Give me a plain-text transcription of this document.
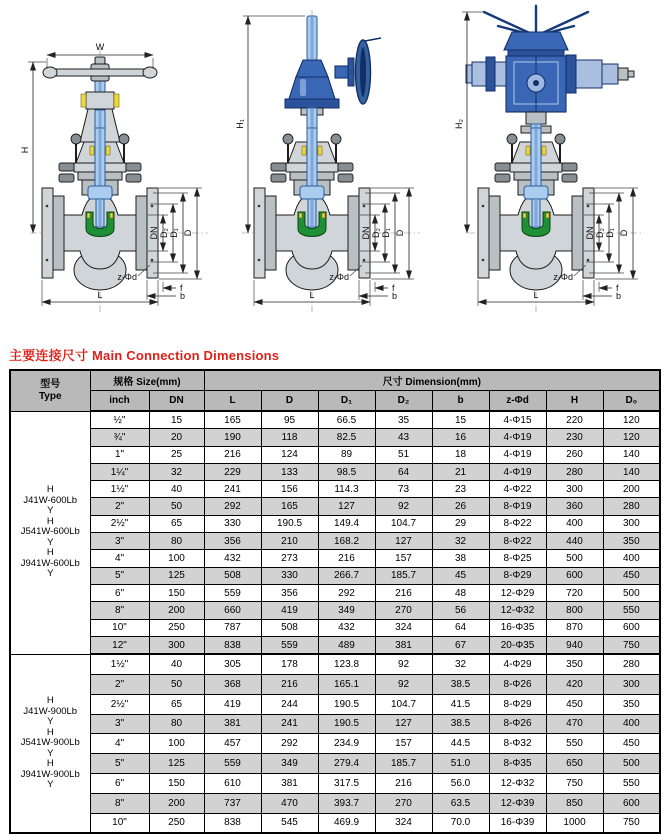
W
H
DN D₂ D₁ D
z-Φd
f
b
L
H₁
DN D₂ D₁ D
z-Φd
f
b
L
H₂
DN D₂ D₁ D
z-Φd
f
b
L
主要连接尺寸 Main Connection Dimensions
型号
Type	规格 Size(mm)		尺寸 Dimension(mm)							
	inch	DN	L	D	D₁	D₂	b	z-Φd	H	D₀

H
J41W-600Lb
Y
H
J541W-600Lb
Y
H
J941W-600Lb
Y
	½"	15	165	95	66.5	35	15	4-Φ15	220	120
	¾"	20	190	118	82.5	43	16	4-Φ19	230	120
	1"	25	216	124	89	51	18	4-Φ19	260	140
	1¼"	32	229	133	98.5	64	21	4-Φ19	280	140
	1½"	40	241	156	114.3	73	23	4-Φ22	300	200
	2"	50	292	165	127	92	26	8-Φ19	360	280
	2½"	65	330	190.5	149.4	104.7	29	8-Φ22	400	300
	3"	80	356	210	168.2	127	32	8-Φ22	440	350
	4"	100	432	273	216	157	38	8-Φ25	500	400
	5"	125	508	330	266.7	185.7	45	8-Φ29	600	450
	6"	150	559	356	292	216	48	12-Φ29	720	500
	8"	200	660	419	349	270	56	12-Φ32	800	550
	10"	250	787	508	432	324	64	16-Φ35	870	600
	12"	300	838	559	489	381	67	20-Φ35	940	750

H
J41W-900Lb
Y
H
J541W-900Lb
Y
H
J941W-900Lb
Y
	1½"	40	305	178	123.8	92	32	4-Φ29	350	280
	2"	50	368	216	165.1	92	38.5	8-Φ26	420	300
	2½"	65	419	244	190.5	104.7	41.5	8-Φ29	450	350
	3"	80	381	241	190.5	127	38.5	8-Φ26	470	400
	4"	100	457	292	234.9	157	44.5	8-Φ32	550	450
	5"	125	559	349	279.4	185.7	51.0	8-Φ35	650	500
	6"	150	610	381	317.5	216	56.0	12-Φ32	750	550
	8"	200	737	470	393.7	270	63.5	12-Φ39	850	600
	10"	250	838	545	469.9	324	70.0	16-Φ39	1000	750
